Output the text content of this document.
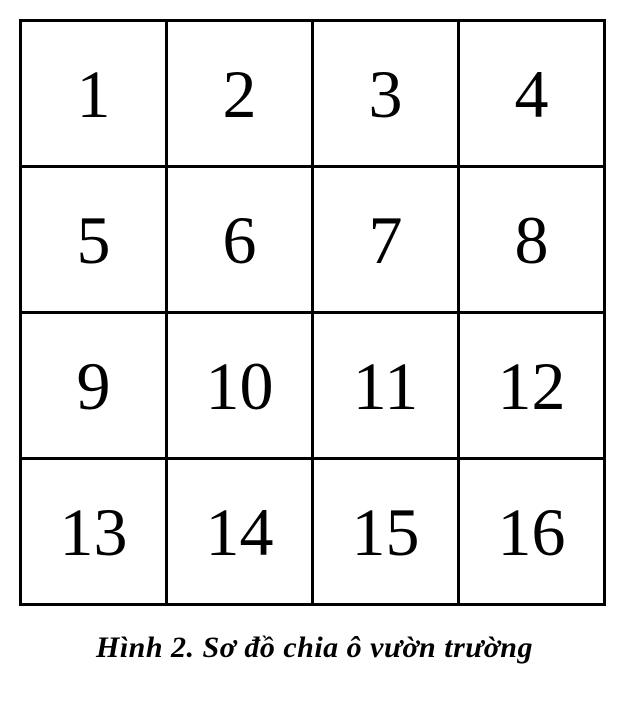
1	2	3	4
5	6	7	8
9	10	11	12
13	14	15	16
Hình 2. Sơ đồ chia ô vườn trường
